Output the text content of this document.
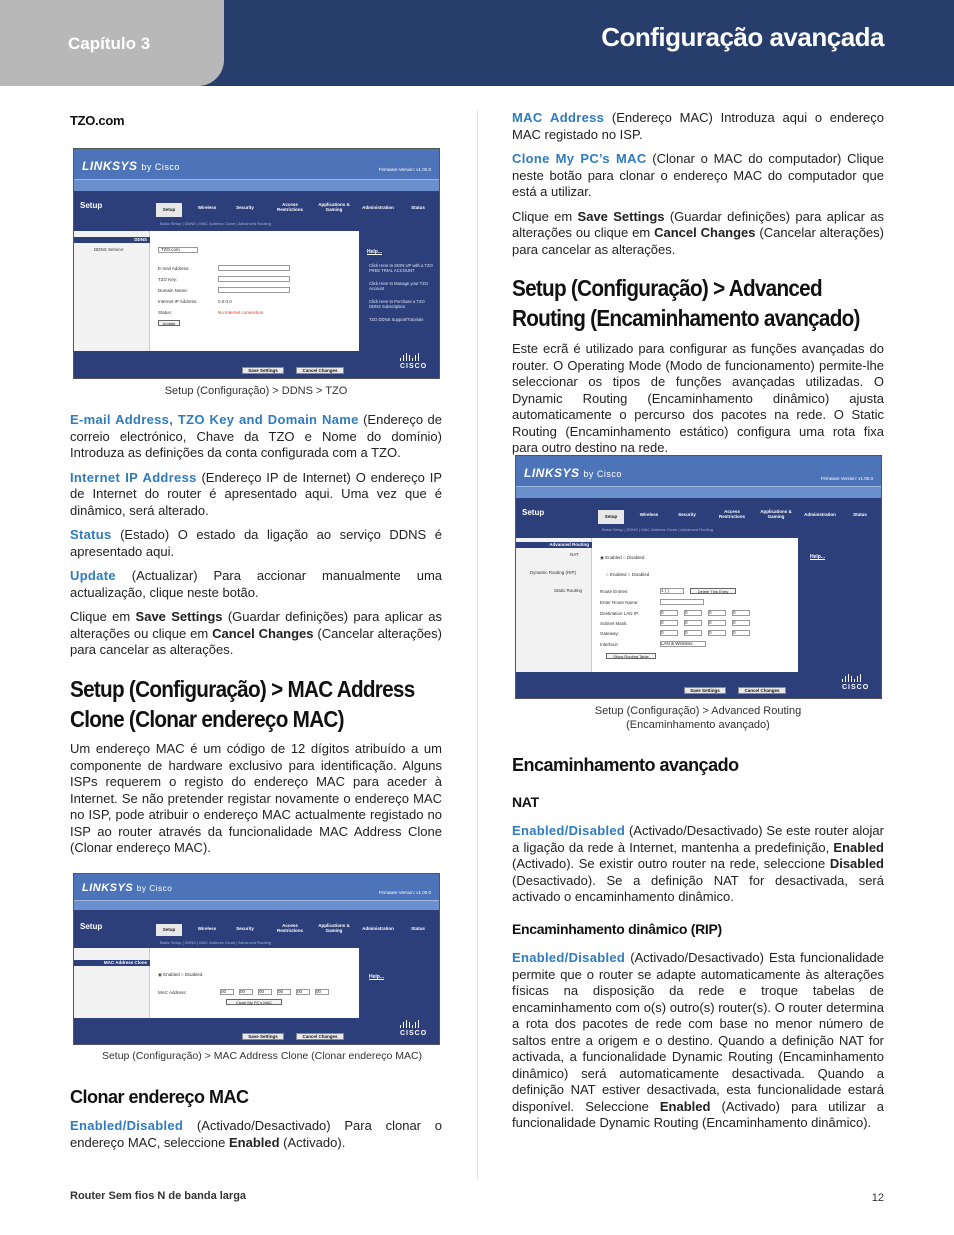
Capítulo 3	Configuração avançada
TZO.com
LINKSYS by Cisco	Firmware Version: v1.00.0
Setup	Setup	Wireless	Security
Access Restrictions
Applications & Gaming	Administration	Status
Basic Setup | DDNS | MAC Address Clone | Advanced Routing
DDNS
DDNS Service:	TZO.com
E-mail Address:
TZO Key:
Domain Name:
Internet IP Address:	0.0.0.0
Status:	No Internet connection
Update
Help...
Click Here to SIGN UP with a TZO FREE TRIAL ACCOUNT
Click Here to Manage your TZO Account
Click Here to Purchase a TZO DDNS Subscription
TZO DDNS Support/Tutorials
Save Settings	Cancel Changes
CISCO
Setup (Configuração) > DDNS > TZO

E-mail Address, TZO Key and Domain Name (Endereço de correio electrónico, Chave da TZO e Nome do domínio) Introduza as definições da conta configurada com a TZO.

Internet IP Address (Endereço IP de Internet) O endereço IP de Internet do router é apresentado aqui. Uma vez que é dinâmico, será alterado.

Status (Estado) O estado da ligação ao serviço DDNS é apresentado aqui.

Update (Actualizar) Para accionar manualmente uma actualização, clique neste botão.

Clique em Save Settings (Guardar definições) para aplicar as alterações ou clique em Cancel Changes (Cancelar alterações) para cancelar as alterações.

Setup (Configuração) > MAC Address Clone (Clonar endereço MAC)

Um endereço MAC é um código de 12 dígitos atribuído a um componente de hardware exclusivo para identificação. Alguns ISPs requerem o registo do endereço MAC para aceder à Internet. Se não pretender registar novamente o endereço MAC no ISP, pode atribuir o endereço MAC actualmente registado no ISP ao router através da funcionalidade MAC Address Clone (Clonar endereço MAC).

LINKSYS by Cisco	Firmware Version: v1.00.0
Setup	Setup	Wireless	Security
Access Restrictions
Applications & Gaming	Administration	Status
Basic Setup | DDNS | MAC Address Clone | Advanced Routing
MAC Address Clone
◉ Enabled ○ Disabled
MAC Address:	00	00	00	00	00	00
Clone My PC's MAC
Help...
Save Settings	Cancel Changes	CISCO
Setup (Configuração) > MAC Address Clone (Clonar endereço MAC)
Clonar endereço MAC

Enabled/Disabled (Activado/Desactivado) Para clonar o endereço MAC, seleccione Enabled (Activado).

MAC Address (Endereço MAC) Introduza aqui o endereço MAC registado no ISP.

Clone My PC’s MAC (Clonar o MAC do computador) Clique neste botão para clonar o endereço MAC do computador que está a utilizar.

Clique em Save Settings (Guardar definições) para aplicar as alterações ou clique em Cancel Changes (Cancelar alterações) para cancelar as alterações.

Setup (Configuração) > Advanced Routing (Encaminhamento avançado)

Este ecrã é utilizado para configurar as funções avançadas do router. O Operating Mode (Modo de funcionamento) permite-lhe seleccionar os tipos de funções avançadas utilizadas. O Dynamic Routing (Encaminhamento dinâmico) ajusta automaticamente o percurso dos pacotes na rede. O Static Routing (Encaminhamento estático) configura uma rota fixa para outro destino na rede.

LINKSYS by Cisco	Firmware Version: v1.00.0
Setup	Setup	Wireless	Security
Access Restrictions
Applications & Gaming	Administration	Status
Basic Setup | DDNS | MAC Address Clone | Advanced Routing
Advanced Routing
NAT
◉ Enabled ○ Disabled
Dynamic Routing (RIP)	○ Enabled ○ Disabled
Static Routing	Route Entries:	1 ( )	Delete This Entry
Enter Route Name:
Destination LAN IP:	0	0	0	0
Subnet Mask:	0	0	0	0
Gateway:	0	0	0	0
Interface:	LAN & Wireless
Show Routing Table
Help...
Save Settings	Cancel Changes	CISCO
Setup (Configuração) > Advanced Routing
(Encaminhamento avançado)
Encaminhamento avançado
NAT

Enabled/Disabled (Activado/Desactivado) Se este router alojar a ligação da rede à Internet, mantenha a predefinição, Enabled (Activado). Se existir outro router na rede, seleccione Disabled (Desactivado). Se a definição NAT for desactivada, será activado o encaminhamento dinâmico.

Encaminhamento dinâmico (RIP)

Enabled/Disabled (Activado/Desactivado) Esta funcionalidade permite que o router se adapte automaticamente às alterações físicas na disposição da rede e troque tabelas de encaminhamento com o(s) outro(s) router(s). O router determina a rota dos pacotes de rede com base no menor número de saltos entre a origem e o destino. Quando a definição NAT for activada, a funcionalidade Dynamic Routing (Encaminhamento dinâmico) será automaticamente desactivada. Quando a definição NAT estiver desactivada, esta funcionalidade estará disponível. Seleccione Enabled (Activado) para utilizar a funcionalidade Dynamic Routing (Encaminhamento dinâmico).

Router Sem fios N de banda larga	12
